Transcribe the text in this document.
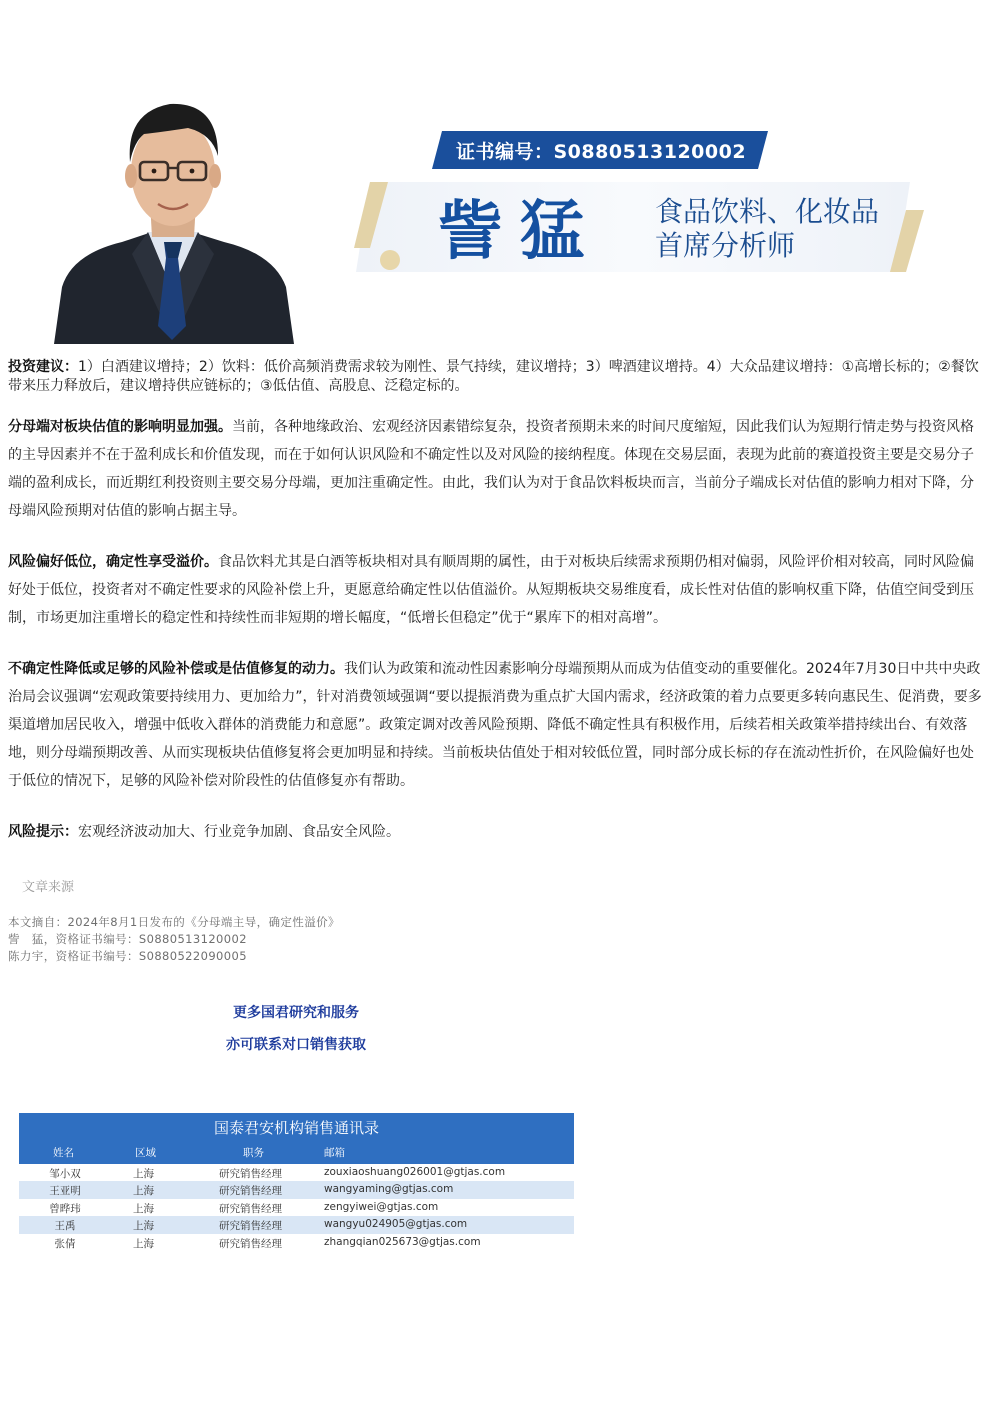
证书编号：S0880513120002
訾猛 食品饮料、化妆品
首席分析师
投资建议：1）白酒建议增持；2）饮料：低价高频消费需求较为刚性、景气持续，建议增持；3）啤酒建议增持。4）大众品建议增持：①高增长标的；②餐饮带来压力释放后，建议增持供应链标的；③低估值、高股息、泛稳定标的。
分母端对板块估值的影响明显加强。当前，各种地缘政治、宏观经济因素错综复杂，投资者预期未来的时间尺度缩短，因此我们认为短期行情走势与投资风格的主导因素并不在于盈利成长和价值发现，而在于如何认识风险和不确定性以及对风险的接纳程度。体现在交易层面，表现为此前的赛道投资主要是交易分子端的盈利成长，而近期红利投资则主要交易分母端，更加注重确定性。由此，我们认为对于食品饮料板块而言，当前分子端成长对估值的影响力相对下降，分母端风险预期对估值的影响占据主导。
风险偏好低位，确定性享受溢价。食品饮料尤其是白酒等板块相对具有顺周期的属性，由于对板块后续需求预期仍相对偏弱，风险评价相对较高，同时风险偏好处于低位，投资者对不确定性要求的风险补偿上升，更愿意给确定性以估值溢价。从短期板块交易维度看，成长性对估值的影响权重下降，估值空间受到压制，市场更加注重增长的稳定性和持续性而非短期的增长幅度，“低增长但稳定”优于“累库下的相对高增”。
不确定性降低或足够的风险补偿或是估值修复的动力。我们认为政策和流动性因素影响分母端预期从而成为估值变动的重要催化。2024年7月30日中共中央政治局会议强调“宏观政策要持续用力、更加给力”，针对消费领域强调“要以提振消费为重点扩大国内需求，经济政策的着力点要更多转向惠民生、促消费，要多渠道增加居民收入，增强中低收入群体的消费能力和意愿”。政策定调对改善风险预期、降低不确定性具有积极作用，后续若相关政策举措持续出台、有效落地，则分母端预期改善、从而实现板块估值修复将会更加明显和持续。当前板块估值处于相对较低位置，同时部分成长标的存在流动性折价，在风险偏好也处于低位的情况下，足够的风险补偿对阶段性的估值修复亦有帮助。
风险提示：宏观经济波动加大、行业竞争加剧、食品安全风险。
文章来源
本文摘自：2024年8月1日发布的《分母端主导，确定性溢价》
訾　猛，资格证书编号：S0880513120002
陈力宇，资格证书编号：S0880522090005
更多国君研究和服务
亦可联系对口销售获取
国泰君安机构销售通讯录
姓名	区域	职务	邮箱
邹小双	上海	研究销售经理	zouxiaoshuang026001@gtjas.com
王亚明	上海	研究销售经理	wangyaming@gtjas.com
曾晔玮	上海	研究销售经理	zengyiwei@gtjas.com
王禹	上海	研究销售经理	wangyu024905@gtjas.com
张倩	上海	研究销售经理	zhangqian025673@gtjas.com
